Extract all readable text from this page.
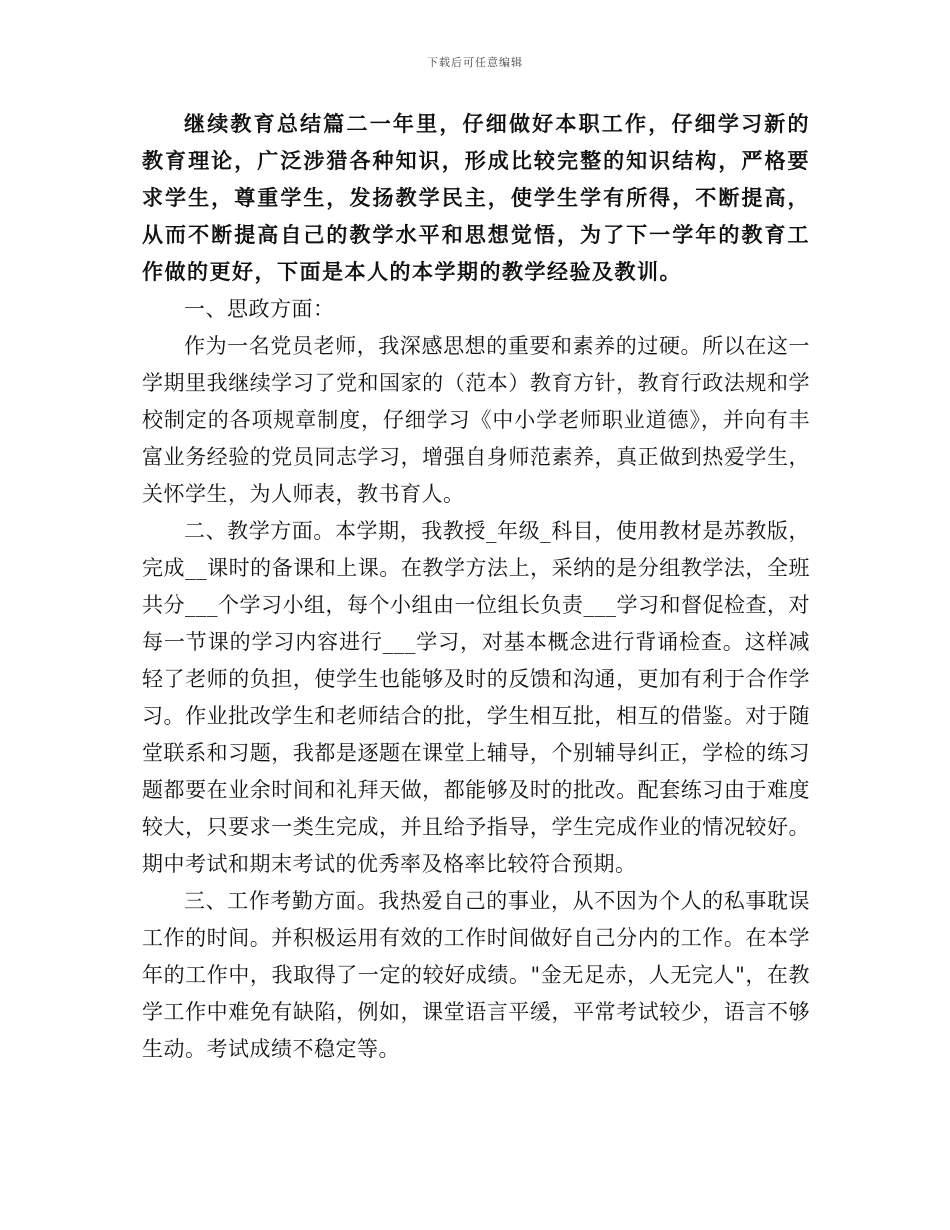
下载后可任意编辑

继续教育总结篇二一年里，仔细做好本职工作，仔细学习新的教育理论，广泛涉猎各种知识，形成比较完整的知识结构，严格要求学生，尊重学生，发扬教学民主，使学生学有所得，不断提高，从而不断提高自己的教学水平和思想觉悟，为了下一学年的教育工作做的更好，下面是本人的本学期的教学经验及教训。

一、思政方面：

作为一名党员老师，我深感思想的重要和素养的过硬。所以在这一学期里我继续学习了党和国家的（范本）教育方针，教育行政法规和学校制定的各项规章制度，仔细学习《中小学老师职业道德》，并向有丰富业务经验的党员同志学习，增强自身师范素养，真正做到热爱学生，关怀学生，为人师表，教书育人。

二、教学方面。本学期，我教授_年级_科目，使用教材是苏教版，完成__课时的备课和上课。在教学方法上，采纳的是分组教学法，全班共分___个学习小组，每个小组由一位组长负责___学习和督促检查，对每一节课的学习内容进行___学习，对基本概念进行背诵检查。这样减轻了老师的负担，使学生也能够及时的反馈和沟通，更加有利于合作学习。作业批改学生和老师结合的批，学生相互批，相互的借鉴。对于随堂联系和习题，我都是逐题在课堂上辅导，个别辅导纠正，学检的练习题都要在业余时间和礼拜天做，都能够及时的批改。配套练习由于难度较大，只要求一类生完成，并且给予指导，学生完成作业的情况较好。期中考试和期末考试的优秀率及格率比较符合预期。

三、工作考勤方面。我热爱自己的事业，从不因为个人的私事耽误工作的时间。并积极运用有效的工作时间做好自己分内的工作。在本学年的工作中，我取得了一定的较好成绩。"金无足赤，人无完人"，在教学工作中难免有缺陷，例如，课堂语言平缓，平常考试较少，语言不够生动。考试成绩不稳定等。
